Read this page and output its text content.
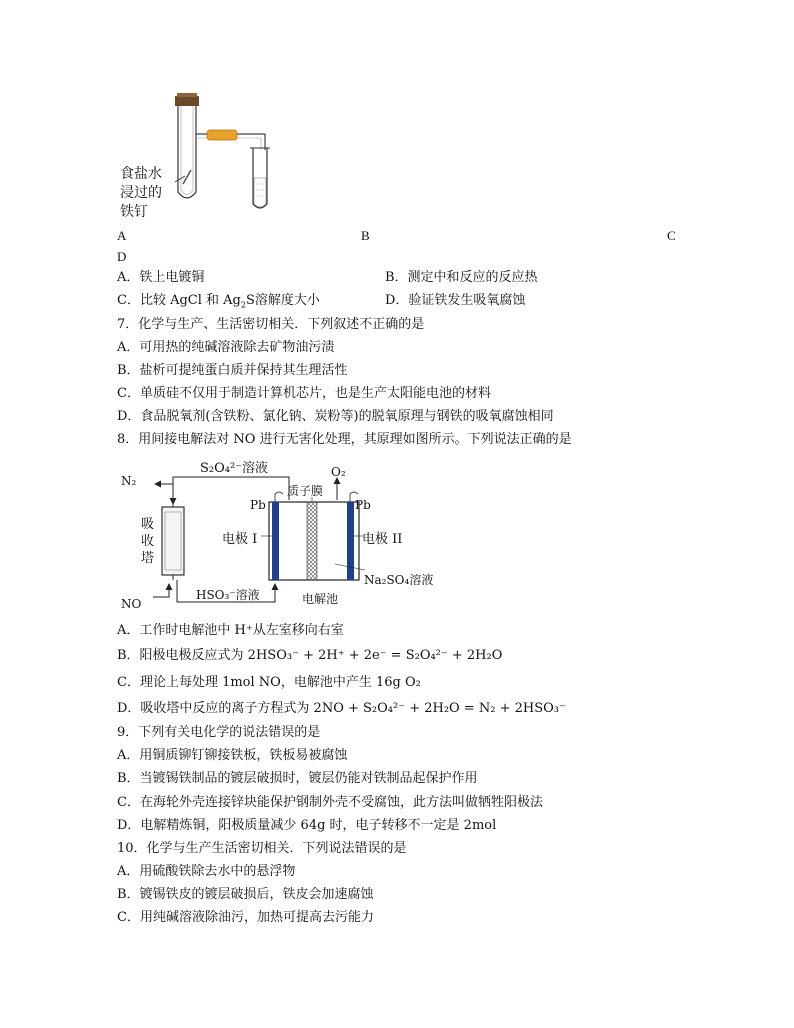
食盐水
浸过的
铁钉
A	B	C
D
A．铁上电镀铜	B．测定中和反应的反应热
C．比较 AgCl 和 $Ag_2S$溶解度大小	D．验证铁发生吸氧腐蚀
7．化学与生产、生活密切相关．下列叙述不正确的是
A．可用热的纯碱溶液除去矿物油污渍
B．盐析可提纯蛋白质并保持其生理活性
C．单质硅不仅用于制造计算机芯片，也是生产太阳能电池的材料
D．食品脱氧剂(含铁粉、氯化钠、炭粉等)的脱氧原理与钢铁的吸氧腐蚀相同
8．用间接电解法对 NO 进行无害化处理，其原理如图所示。下列说法正确的是
S₂O₄²⁻溶液
N₂
O₂
Pb
质子膜
Pb
吸
收
塔
电极 I	电极 II
Na₂SO₄溶液
HSO₃⁻溶液	电解池
NO
A．工作时电解池中 H⁺从左室移向右室
B．阳极电极反应式为 2HSO₃⁻ + 2H⁺ + 2e⁻ = S₂O₄²⁻ + 2H₂O
C．理论上每处理 1mol NO，电解池中产生 16g O₂
D．吸收塔中反应的离子方程式为 2NO + S₂O₄²⁻ + 2H₂O = N₂ + 2HSO₃⁻
9．下列有关电化学的说法错误的是
A．用铜质铆钉铆接铁板，铁板易被腐蚀
B．当镀锡铁制品的镀层破损时，镀层仍能对铁制品起保护作用
C．在海轮外壳连接锌块能保护钢制外壳不受腐蚀，此方法叫做牺牲阳极法
D．电解精炼铜，阳极质量减少 64g 时，电子转移不一定是 2mol
10．化学与生产生活密切相关．下列说法错误的是
A．用硫酸铁除去水中的悬浮物
B．镀锡铁皮的镀层破损后，铁皮会加速腐蚀
C．用纯碱溶液除油污，加热可提高去污能力
